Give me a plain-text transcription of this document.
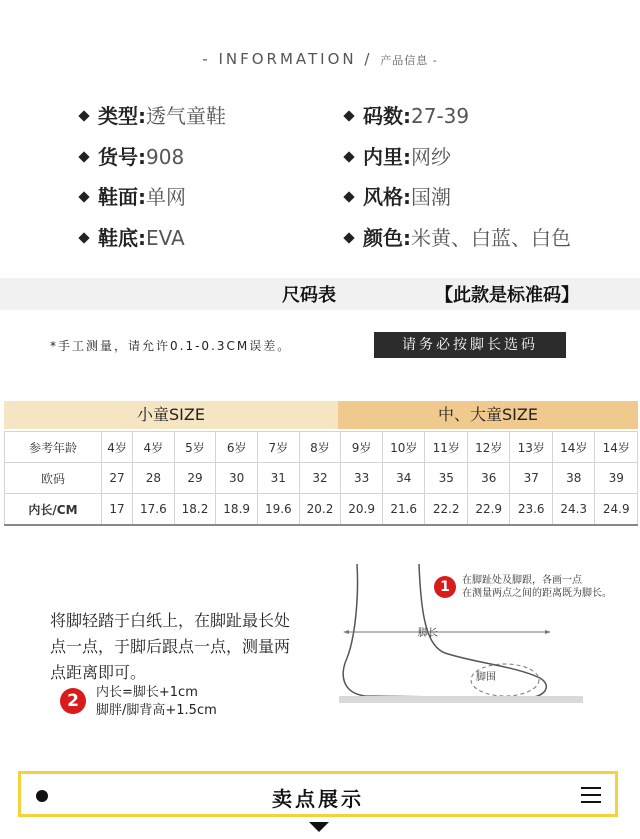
- INFORMATION / 产品信息 -
类型:透气童鞋	码数:27-39
货号:908	内里:网纱
鞋面:单网	风格:国潮
鞋底:EVA	颜色:米黄、白蓝、白色
尺码表	【此款是标准码】
*手工测量，请允许0.1-0.3CM误差。	请务必按脚长选码
小童SIZE	中、大童SIZE
参考年龄	4岁	4岁	5岁	6岁	7岁	8岁	9岁	10岁	11岁	12岁	13岁	14岁	14岁
欧码	27	28	29	30	31	32	33	34	35	36	37	38	39
内长/CM	17	17.6	18.2	18.9	19.6	20.2	20.9	21.6	22.2	22.9	23.6	24.3	24.9
将脚轻踏于白纸上，在脚趾最长处点一点，于脚后跟点一点，测量两点距离即可。
2	内长=脚长+1cm
脚胖/脚背高+1.5cm
脚长
脚围
1	在脚趾处及脚跟，各画一点
在测量两点之间的距离既为脚长。
卖点展示
